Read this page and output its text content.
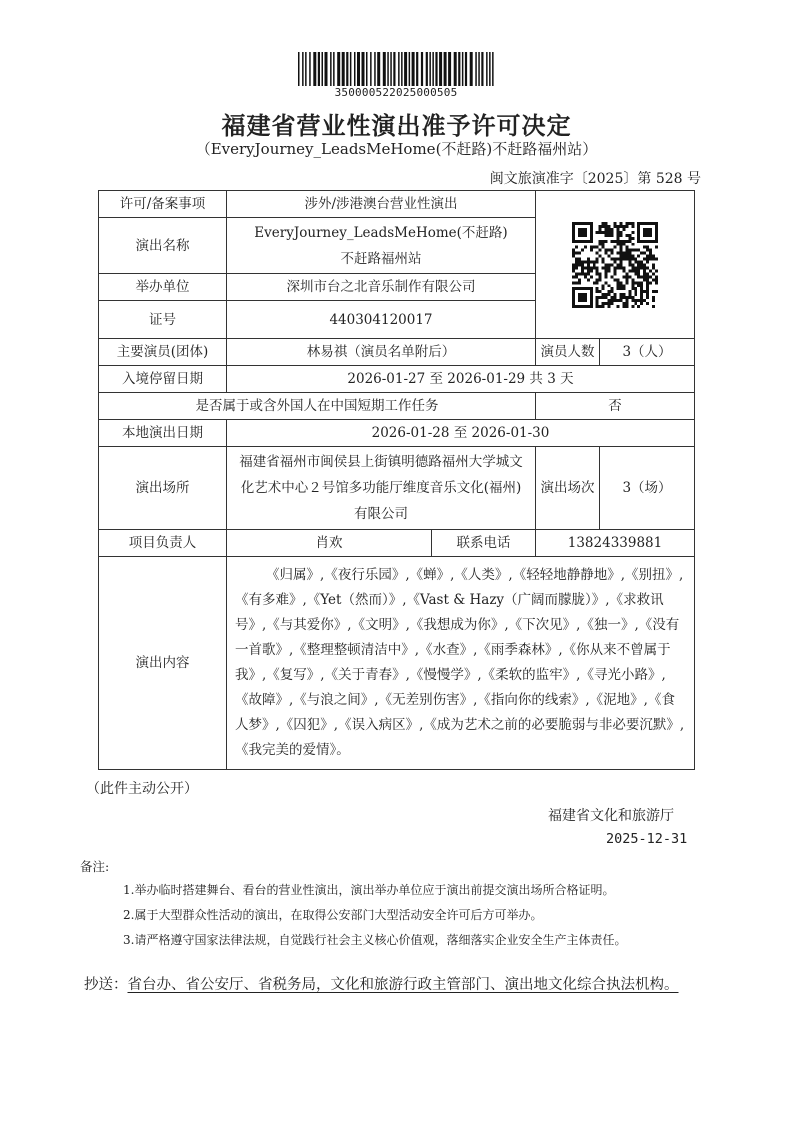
350000522025000505
福建省营业性演出准予许可决定
（EveryJourney_LeadsMeHome(不赶路)不赶路福州站）
闽文旅演准字〔2025〕第 528 号
许可/备案事项	涉外/涉港澳台营业性演出	

演出名称	EveryJourney_LeadsMeHome(不赶路)
不赶路福州站			

举办单位	深圳市台之北音乐制作有限公司			
证号	440304120017			
主要演员(团体)	林易祺（演员名单附后）		演员人数	3（人）
入境停留日期	2026-01-27 至 2026-01-29 共 3 天			
是否属于或含外国人在中国短期工作任务			否	
本地演出日期	2026-01-28 至 2026-01-30			
演出场所	福建省福州市闽侯县上街镇明德路福州大学城文化艺术中心２号馆多功能厅维度音乐文化(福州)有限公司		演出场次	3（场）
项目负责人	肖欢	联系电话	13824339881	
演出内容	《归属》,《夜行乐园》,《蝉》,《人类》,《轻轻地静静地》,《别扭》,《有多难》,《Yet（然而）》,《Vast & Hazy（广阔而朦胧）》,《求救讯号》,《与其爱你》,《文明》,《我想成为你》,《下次见》,《独一》,《没有一首歌》,《整理整顿清洁中》,《水查》,《雨季森林》,《你从来不曾属于我》,《复写》,《关于青春》,《慢慢学》,《柔软的监牢》,《寻光小路》,《故障》,《与浪之间》,《无差别伤害》,《指向你的线索》,《泥地》,《食人梦》,《囚犯》,《误入病区》,《成为艺术之前的必要脆弱与非必要沉默》,《我完美的爱情》。			
（此件主动公开）
福建省文化和旅游厅
2025-12-31
备注:
1.举办临时搭建舞台、看台的营业性演出，演出举办单位应于演出前提交演出场所合格证明。
2.属于大型群众性活动的演出，在取得公安部门大型活动安全许可后方可举办。
3.请严格遵守国家法律法规，自觉践行社会主义核心价值观，落细落实企业安全生产主体责任。
抄送：省台办、省公安厅、省税务局，文化和旅游行政主管部门、演出地文化综合执法机构。
